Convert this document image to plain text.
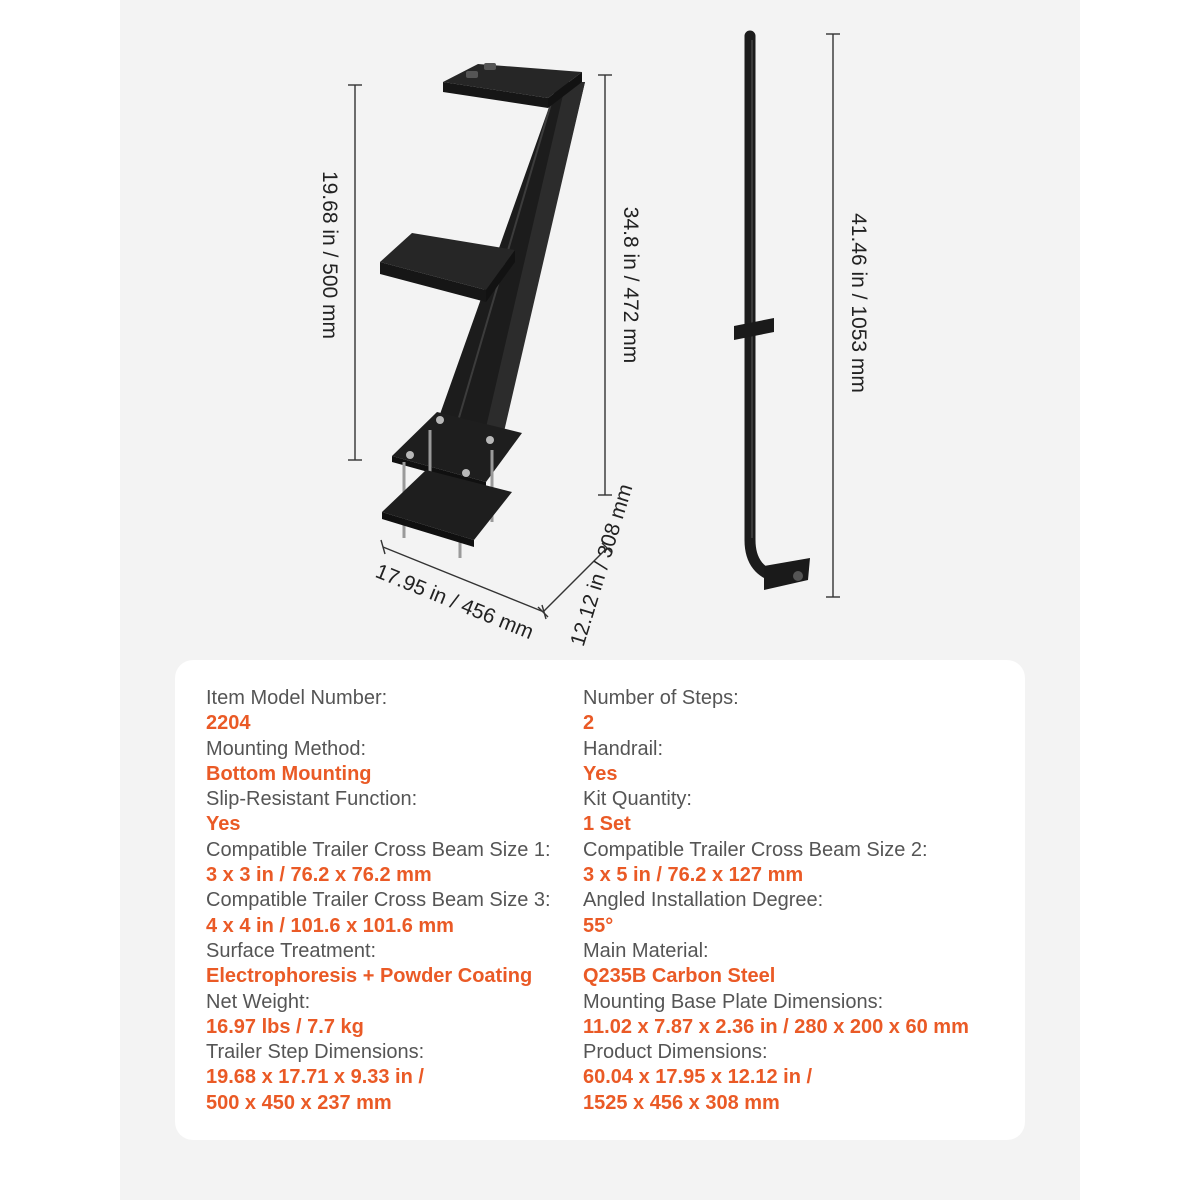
19.68 in / 500 mm	34.8 in / 472 mm	41.46 in / 1053 mm
17.95 in / 456 mm 12.12 in / 308 mm
Item Model Number:
2204
Mounting Method:
Bottom Mounting
Slip-Resistant Function:
Yes
Compatible Trailer Cross Beam Size 1:
3 x 3 in / 76.2 x 76.2 mm
Compatible Trailer Cross Beam Size 3:
4 x 4 in / 101.6 x 101.6 mm
Surface Treatment:
Electrophoresis + Powder Coating
Net Weight:
16.97 lbs / 7.7 kg
Trailer Step Dimensions:
19.68 x 17.71 x 9.33 in /
500 x 450 x 237 mm
Number of Steps:
2
Handrail:
Yes
Kit Quantity:
1 Set
Compatible Trailer Cross Beam Size 2:
3 x 5 in / 76.2 x 127 mm
Angled Installation Degree:
55°
Main Material:
Q235B Carbon Steel
Mounting Base Plate Dimensions:
11.02 x 7.87 x 2.36 in / 280 x 200 x 60 mm
Product Dimensions:
60.04 x 17.95 x 12.12 in /
1525 x 456 x 308 mm
